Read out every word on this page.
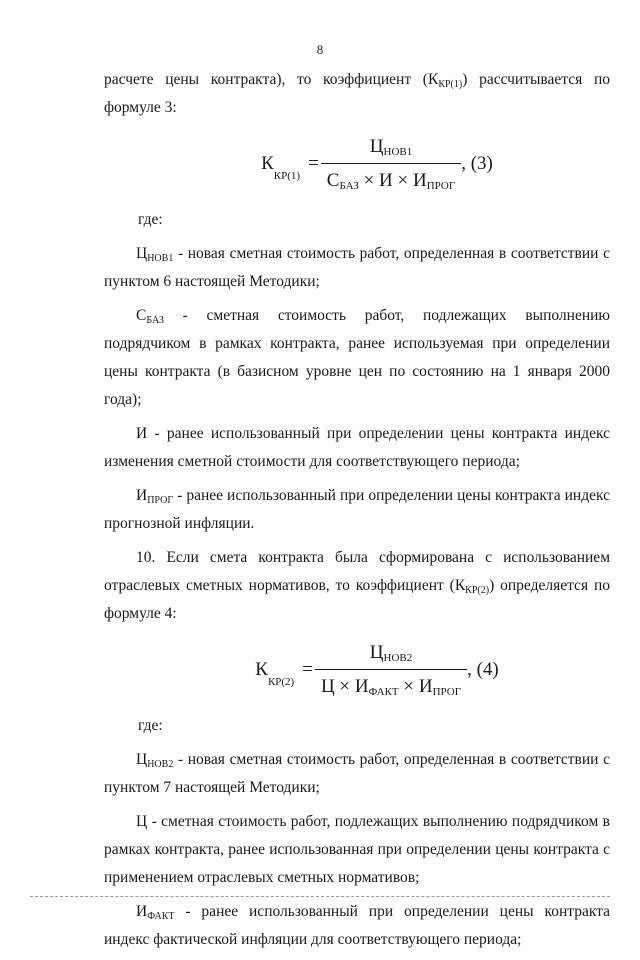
8

расчете цены контракта), то коэффициент $(К_{КР(1)})$ рассчитывается по формуле 3:

К
КР(1)
= $\frac{Ц_{НОВ1}}{С_{БАЗ} \times И \times И_{ПРОГ}}$ , (3)

где:

$Ц_{НОВ1}$ - новая сметная стоимость работ, определенная в соответствии с пунктом 6 настоящей Методики;

$С_{БАЗ}$ - сметная стоимость работ, подлежащих выполнению подрядчиком в рамках контракта, ранее используемая при определении цены контракта (в базисном уровне цен по состоянию на 1 января 2000 года);

И - ранее использованный при определении цены контракта индекс изменения сметной стоимости для соответствующего периода;

$И_{ПРОГ}$ - ранее использованный при определении цены контракта индекс прогнозной инфляции.

10. Если смета контракта была сформирована с использованием отраслевых сметных нормативов, то коэффициент $(К_{КР(2)})$ определяется по формуле 4:

К
КР(2)
= $\frac{Ц_{НОВ2}}{Ц \times И_{ФАКТ} \times И_{ПРОГ}}$ , (4)

где:

$Ц_{НОВ2}$ - новая сметная стоимость работ, определенная в соответствии с пунктом 7 настоящей Методики;

Ц - сметная стоимость работ, подлежащих выполнению подрядчиком в рамках контракта, ранее использованная при определении цены контракта с применением отраслевых сметных нормативов;

$И_{ФАКТ}$ - ранее использованный при определении цены контракта индекс фактической инфляции для соответствующего периода;
